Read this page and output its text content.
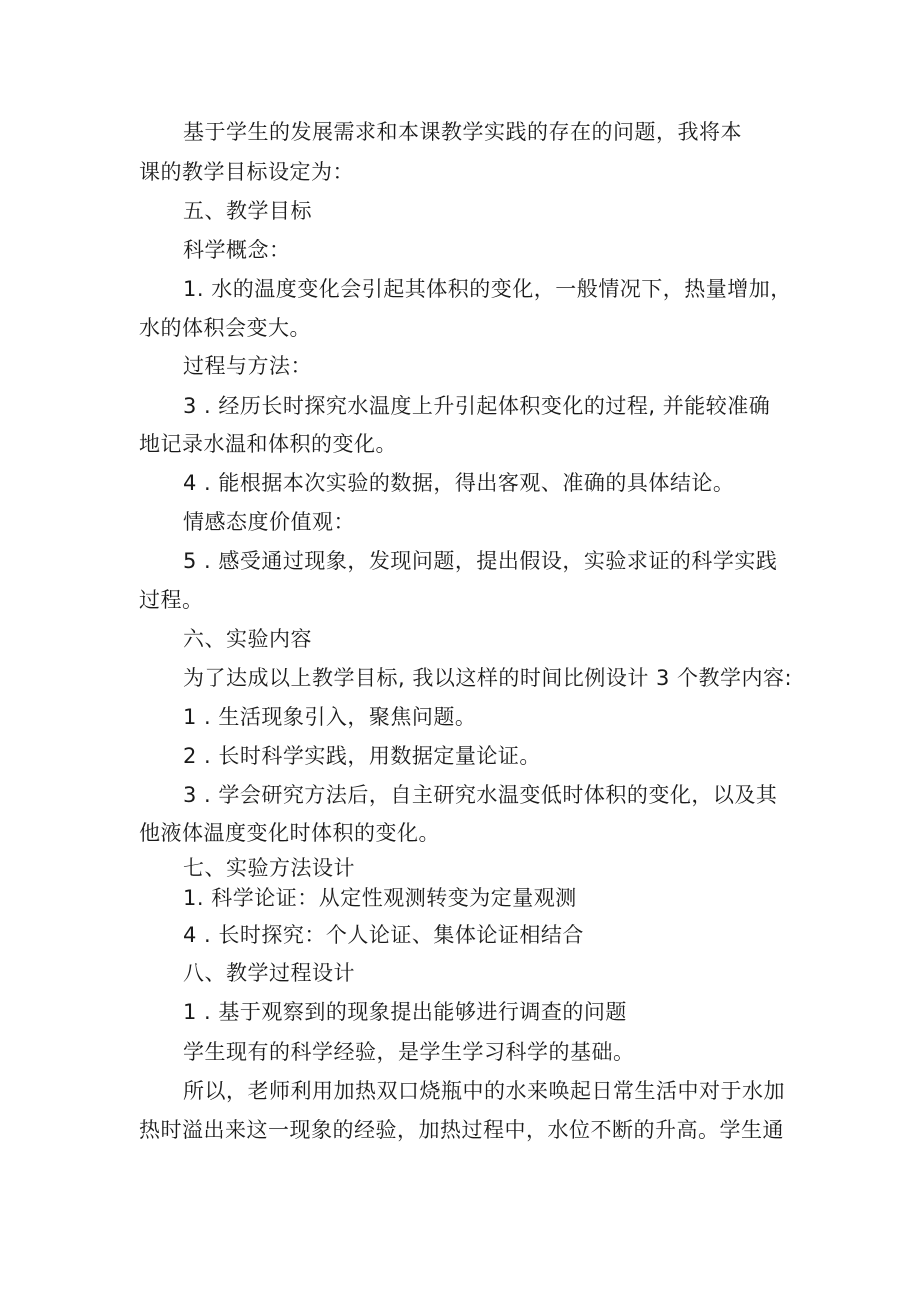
基于学生的发展需求和本课教学实践的存在的问题，我将本
课的教学目标设定为：
五、教学目标
科学概念：
1. 水的温度变化会引起其体积的变化，一般情况下，热量增加，
水的体积会变大。
过程与方法：
3 . 经历长时探究水温度上升引起体积变化的过程, 并能较准确
地记录水温和体积的变化。
4 . 能根据本次实验的数据，得出客观、准确的具体结论。
情感态度价值观：
5 . 感受通过现象，发现问题，提出假设，实验求证的科学实践
过程。
六、实验内容
为了达成以上教学目标, 我以这样的时间比例设计 3 个教学内容:
1 . 生活现象引入，聚焦问题。
2 . 长时科学实践，用数据定量论证。
3 . 学会研究方法后，自主研究水温变低时体积的变化，以及其
他液体温度变化时体积的变化。
七、实验方法设计
1. 科学论证：从定性观测转变为定量观测
4 . 长时探究：个人论证、集体论证相结合
八、教学过程设计
1 . 基于观察到的现象提出能够进行调查的问题
学生现有的科学经验，是学生学习科学的基础。
所以，老师利用加热双口烧瓶中的水来唤起日常生活中对于水加
热时溢出来这一现象的经验，加热过程中，水位不断的升高。学生通
